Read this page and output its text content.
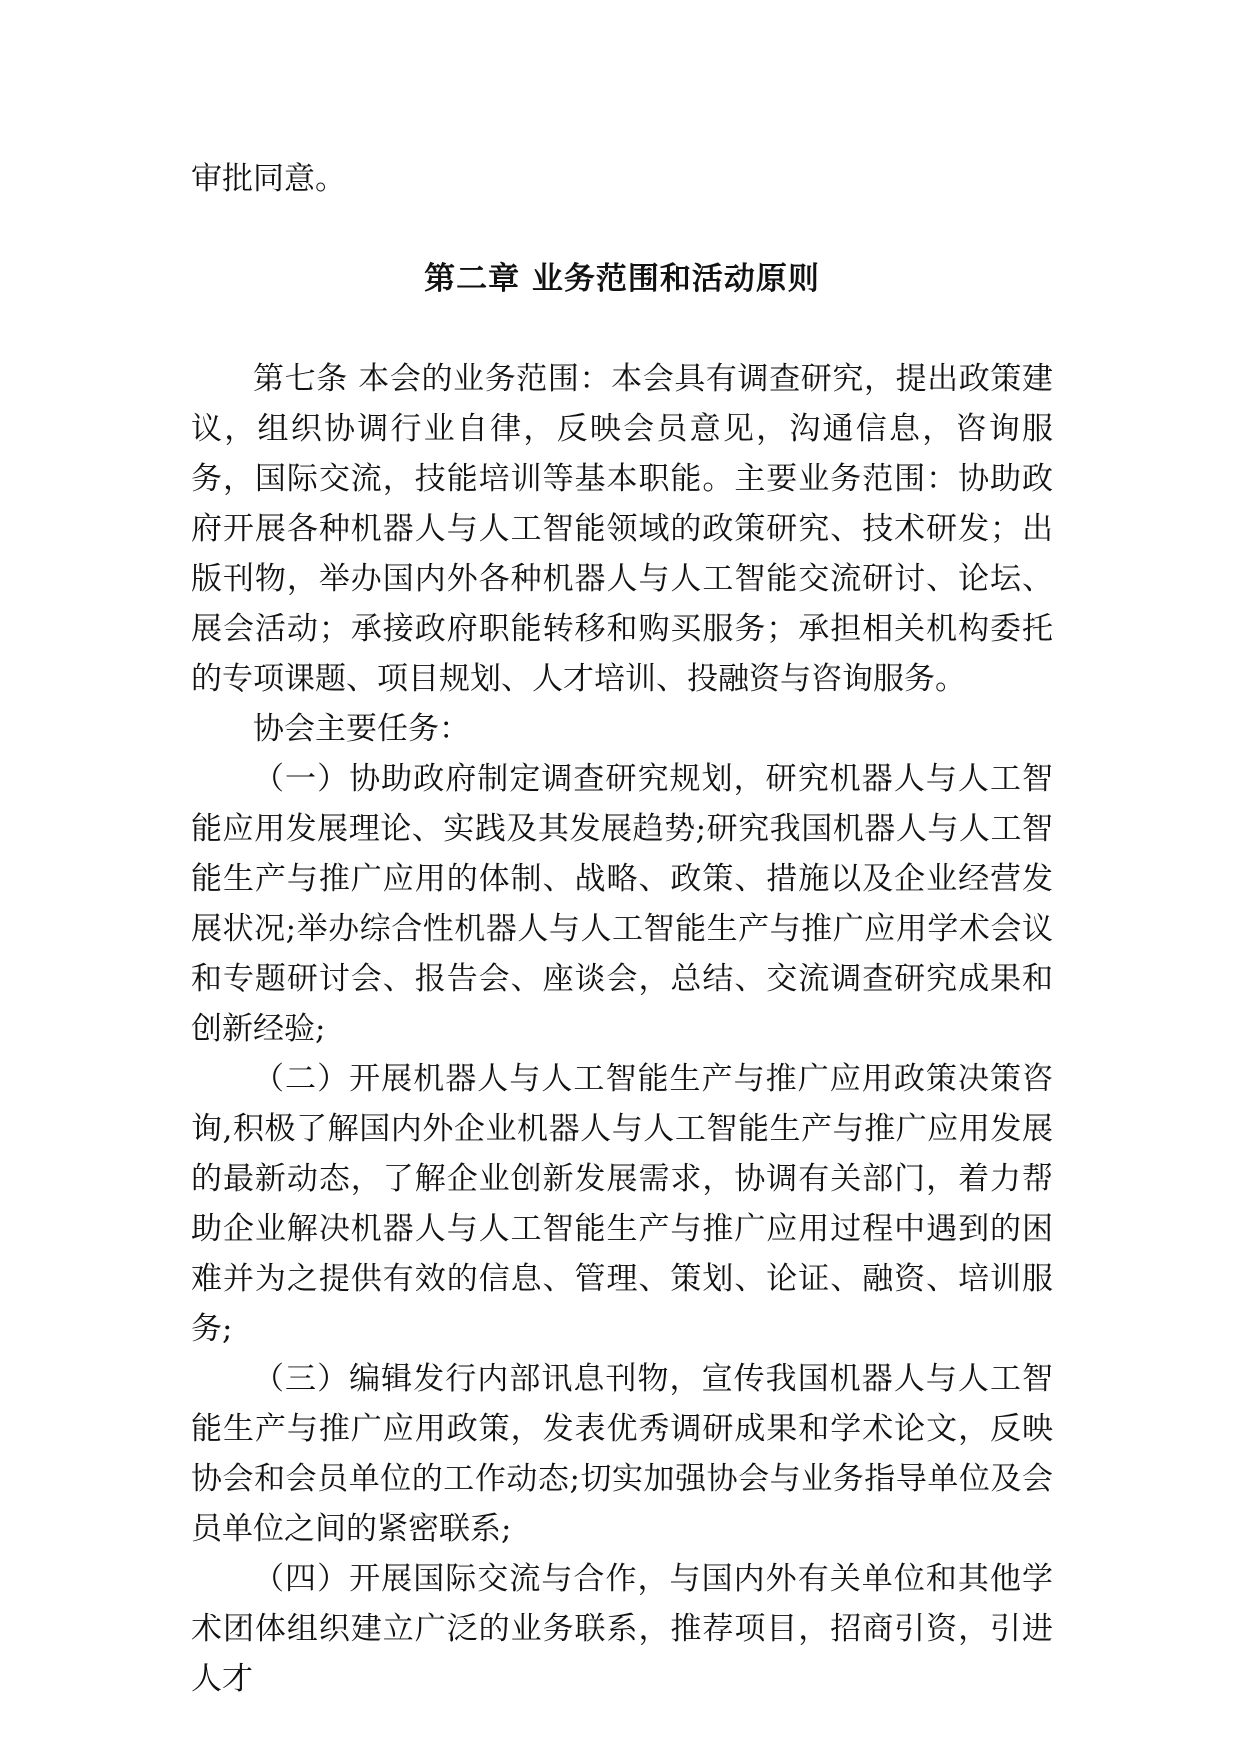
审批同意。

第二章 业务范围和活动原则

第七条 本会的业务范围：本会具有调查研究，提出政策建议，组织协调行业自律，反映会员意见，沟通信息，咨询服务，国际交流，技能培训等基本职能。主要业务范围：协助政府开展各种机器人与人工智能领域的政策研究、技术研发；出版刊物，举办国内外各种机器人与人工智能交流研讨、论坛、展会活动；承接政府职能转移和购买服务；承担相关机构委托的专项课题、项目规划、人才培训、投融资与咨询服务。

协会主要任务：

（一）协助政府制定调查研究规划，研究机器人与人工智能应用发展理论、实践及其发展趋势;研究我国机器人与人工智能生产与推广应用的体制、战略、政策、措施以及企业经营发展状况;举办综合性机器人与人工智能生产与推广应用学术会议和专题研讨会、报告会、座谈会，总结、交流调查研究成果和创新经验;

（二）开展机器人与人工智能生产与推广应用政策决策咨询,积极了解国内外企业机器人与人工智能生产与推广应用发展的最新动态，了解企业创新发展需求，协调有关部门，着力帮助企业解决机器人与人工智能生产与推广应用过程中遇到的困难并为之提供有效的信息、管理、策划、论证、融资、培训服务;

（三）编辑发行内部讯息刊物，宣传我国机器人与人工智能生产与推广应用政策，发表优秀调研成果和学术论文，反映协会和会员单位的工作动态;切实加强协会与业务指导单位及会员单位之间的紧密联系;

（四）开展国际交流与合作，与国内外有关单位和其他学术团体组织建立广泛的业务联系，推荐项目，招商引资，引进人才
